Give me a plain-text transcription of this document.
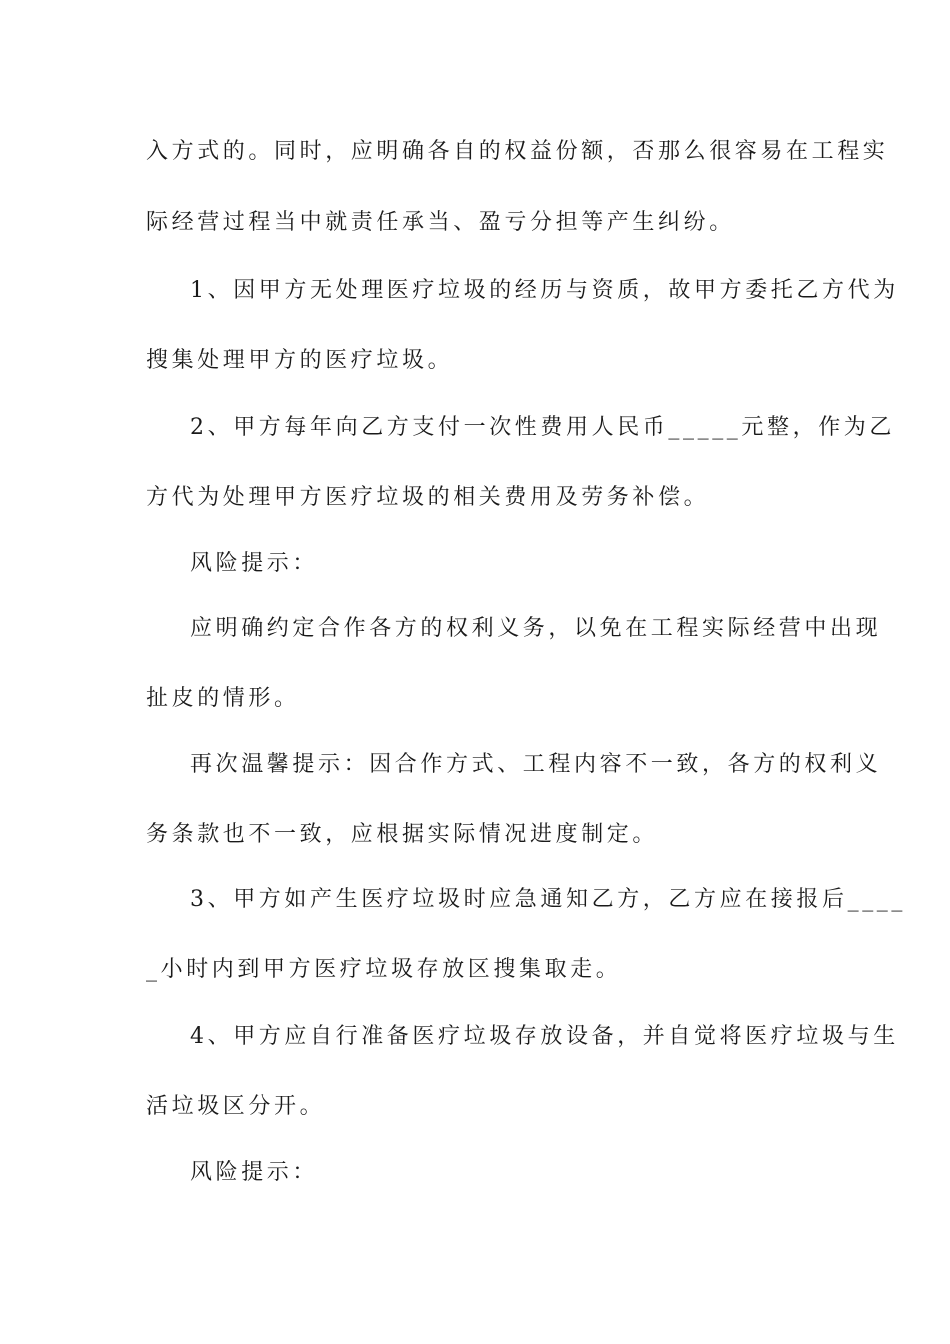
入方式的。同时，应明确各自的权益份额，否那么很容易在工程实
际经营过程当中就责任承当、盈亏分担等产生纠纷。
1、因甲方无处理医疗垃圾的经历与资质，故甲方委托乙方代为
搜集处理甲方的医疗垃圾。
2、甲方每年向乙方支付一次性费用人民币_____元整，作为乙
方代为处理甲方医疗垃圾的相关费用及劳务补偿。
风险提示：
应明确约定合作各方的权利义务，以免在工程实际经营中出现
扯皮的情形。
再次温馨提示：因合作方式、工程内容不一致，各方的权利义
务条款也不一致，应根据实际情况进度制定。
3、甲方如产生医疗垃圾时应急通知乙方，乙方应在接报后____
_小时内到甲方医疗垃圾存放区搜集取走。
4、甲方应自行准备医疗垃圾存放设备，并自觉将医疗垃圾与生
活垃圾区分开。
风险提示：
